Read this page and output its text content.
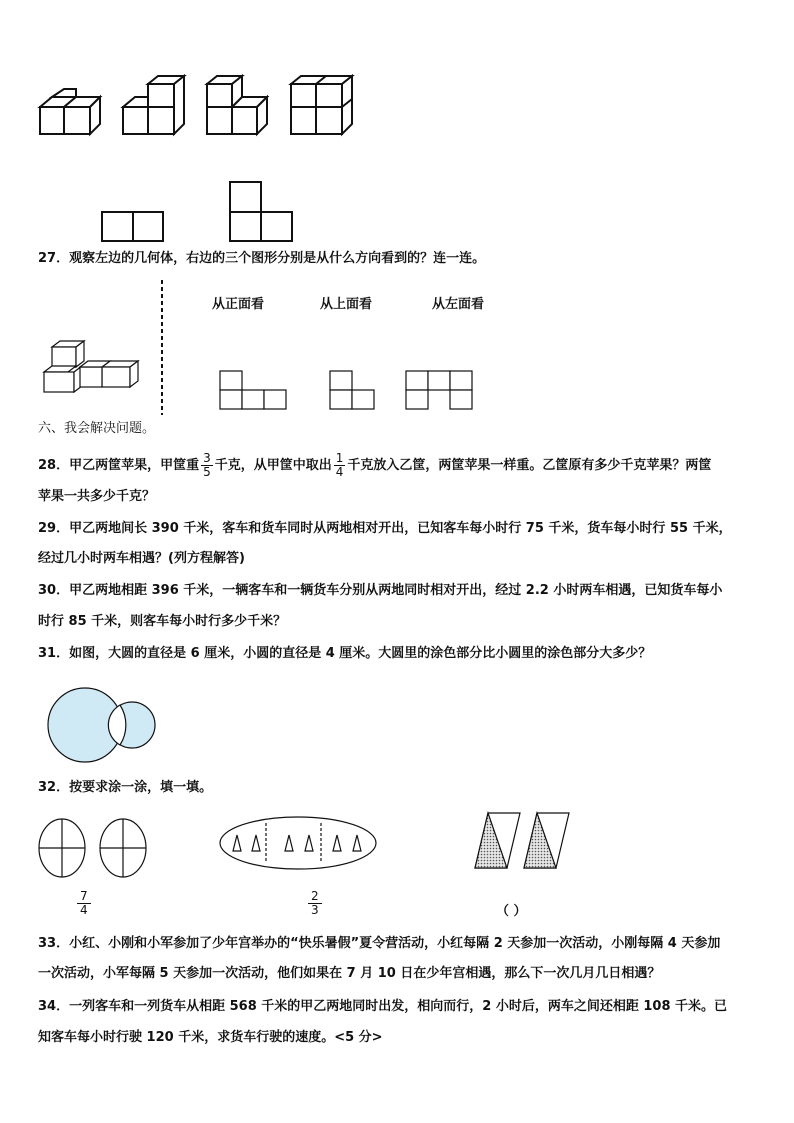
27．观察左边的几何体，右边的三个图形分别是从什么方向看到的？连一连。
从正面看	从上面看	从左面看
六、我会解决问题。
28．甲乙两筐苹果，甲筐重 $\frac{3}{5}$ 千克，从甲筐中取出 $\frac{1}{4}$ 千克放入乙筐，两筐苹果一样重。乙筐原有多少千克苹果？两筐
苹果一共多少千克？
29．甲乙两地间长 390 千米，客车和货车同时从两地相对开出，已知客车每小时行 75 千米，货车每小时行 55 千米，
经过几小时两车相遇？(列方程解答)
30．甲乙两地相距 396 千米，一辆客车和一辆货车分别从两地同时相对开出，经过 2.2 小时两车相遇，已知货车每小
时行 85 千米，则客车每小时行多少千米？
31．如图，大圆的直径是 6 厘米，小圆的直径是 4 厘米。大圆里的涂色部分比小圆里的涂色部分大多少？
32．按要求涂一涂，填一填。
$\frac{7}{4}$	$\frac{2}{3}$	（ ）
33．小红、小刚和小军参加了少年宫举办的“快乐暑假”夏令营活动，小红每隔 2 天参加一次活动，小刚每隔 4 天参加
一次活动，小军每隔 5 天参加一次活动，他们如果在 7 月 10 日在少年宫相遇，那么下一次几月几日相遇？
34．一列客车和一列货车从相距 568 千米的甲乙两地同时出发，相向而行，2 小时后，两车之间还相距 108 千米。已
知客车每小时行驶 120 千米，求货车行驶的速度。<5 分>
